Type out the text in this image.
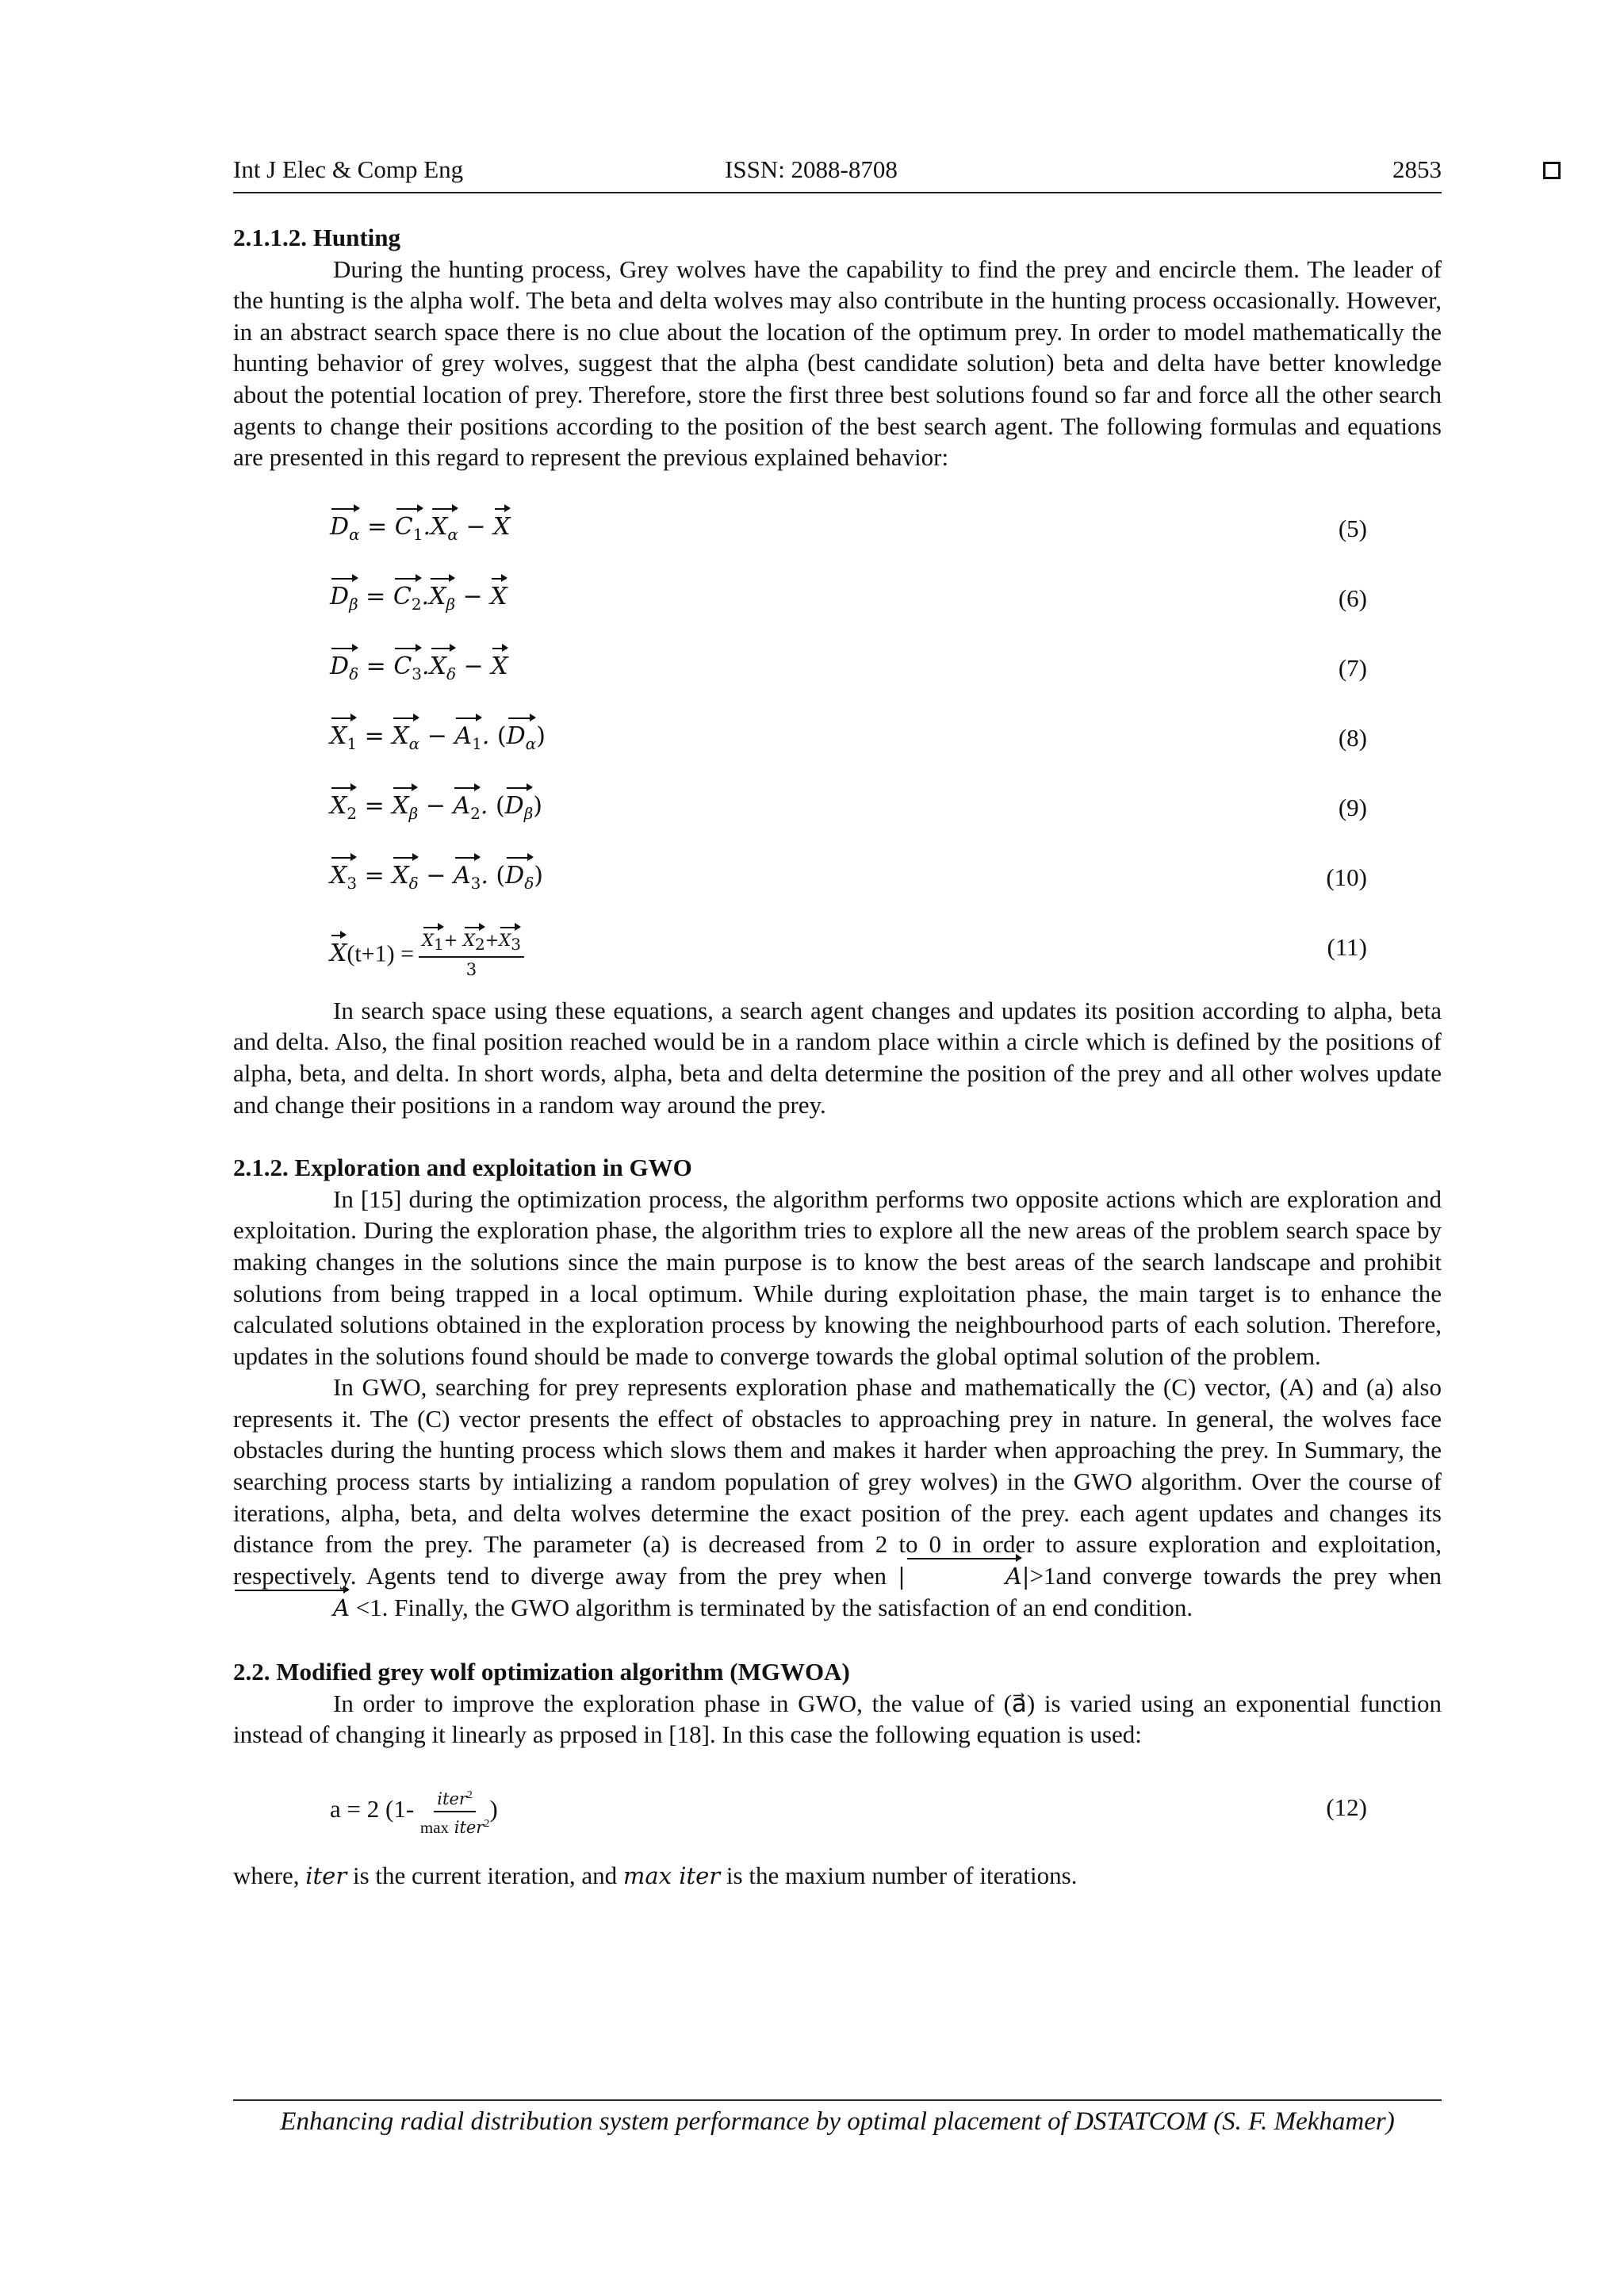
Int J Elec & Comp Eng	ISSN: 2088-8708	2853
2.1.1.2. Hunting

During the hunting process, Grey wolves have the capability to find the prey and encircle them. The leader of the hunting is the alpha wolf. The beta and delta wolves may also contribute in the hunting process occasionally. However, in an abstract search space there is no clue about the location of the optimum prey. In order to model mathematically the hunting behavior of grey wolves, suggest that the alpha (best candidate solution) beta and delta have better knowledge about the potential location of prey. Therefore, store the first three best solutions found so far and force all the other search agents to change their positions according to the position of the best search agent. The following formulas and equations are presented in this regard to represent the previous explained behavior:

$D_\alpha = C_1.X_\alpha - X$	(5)
$D_\beta = C_2.X_\beta - X$	(6)
$D_\delta = C_3.X_\delta - X$	(7)
$X_1 = X_\alpha - A_1$. $(D_\alpha)$	(8)
$X_2 = X_\beta - A_2$. $(D_\beta)$	(9)
$X_3 = X_\delta - A_3$. $(D_\delta)$	(10)
$X(t+1) = \frac{X_1+ X_2+X_3}{3}$	(11)

In search space using these equations, a search agent changes and updates its position according to alpha, beta and delta. Also, the final position reached would be in a random place within a circle which is defined by the positions of alpha, beta, and delta. In short words, alpha, beta and delta determine the position of the prey and all other wolves update and change their positions in a random way around the prey.

2.1.2. Exploration and exploitation in GWO

In [15] during the optimization process, the algorithm performs two opposite actions which are exploration and exploitation. During the exploration phase, the algorithm tries to explore all the new areas of the problem search space by making changes in the solutions since the main purpose is to know the best areas of the search landscape and prohibit solutions from being trapped in a local optimum. While during exploitation phase, the main target is to enhance the calculated solutions obtained in the exploration process by knowing the neighbourhood parts of each solution. Therefore, updates in the solutions found should be made to converge towards the global optimal solution of the problem.

In GWO, searching for prey represents exploration phase and mathematically the (C) vector, (A) and (a) also represents it. The (C) vector presents the effect of obstacles to approaching prey in nature. In general, the wolves face obstacles during the hunting process which slows them and makes it harder when approaching the prey. In Summary, the searching process starts by intializing a random population of grey wolves) in the GWO algorithm. Over the course of iterations, alpha, beta, and delta wolves determine the exact position of the prey. each agent updates and changes its distance from the prey. The parameter (a) is decreased from 2 to 0 in order to assure exploration and exploitation, respectively. Agents tend to diverge away from the prey when |	A|>1and converge towards the prey when A <1. Finally, the GWO algorithm is terminated by the satisfaction of an end condition.

2.2. Modified grey wolf optimization algorithm (MGWOA)

In order to improve the exploration phase in GWO, the value of (a⃗) is varied using an exponential function instead of changing it linearly as prposed in [18]. In this case the following equation is used:

a = 2 ($1- \frac{iter^2}{\max iter^2}$ )	(12)
where, iter is the current iteration, and max iter is the maxium number of iterations.
Enhancing radial distribution system performance by optimal placement of DSTATCOM (S. F. Mekhamer)
